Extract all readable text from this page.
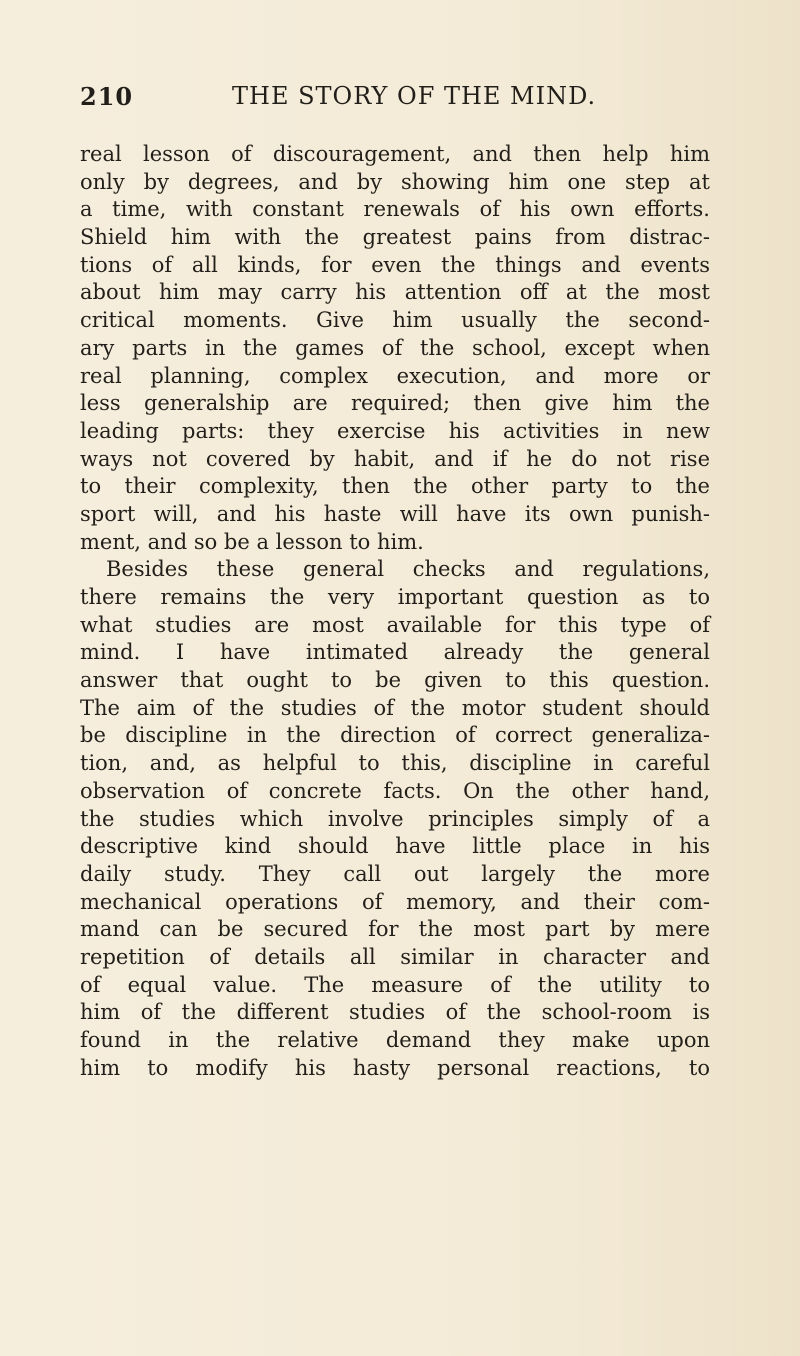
210	THE STORY OF THE MIND.
real lesson of discouragement, and then help him
only by degrees, and by showing him one step at
a time, with constant renewals of his own efforts.
Shield him with the greatest pains from distrac-
tions of all kinds, for even the things and events
about him may carry his attention off at the most
critical moments. Give him usually the second-
ary parts in the games of the school, except when
real planning, complex execution, and more or
less generalship are required; then give him the
leading parts: they exercise his activities in new
ways not covered by habit, and if he do not rise
to their complexity, then the other party to the
sport will, and his haste will have its own punish-
ment, and so be a lesson to him.
Besides these general checks and regulations,
there remains the very important question as to
what studies are most available for this type of
mind. I have intimated already the general
answer that ought to be given to this question.
The aim of the studies of the motor student should
be discipline in the direction of correct generaliza-
tion, and, as helpful to this, discipline in careful
observation of concrete facts. On the other hand,
the studies which involve principles simply of a
descriptive kind should have little place in his
daily study. They call out largely the more
mechanical operations of memory, and their com-
mand can be secured for the most part by mere
repetition of details all similar in character and
of equal value. The measure of the utility to
him of the different studies of the school-room is
found in the relative demand they make upon
him to modify his hasty personal reactions, to
